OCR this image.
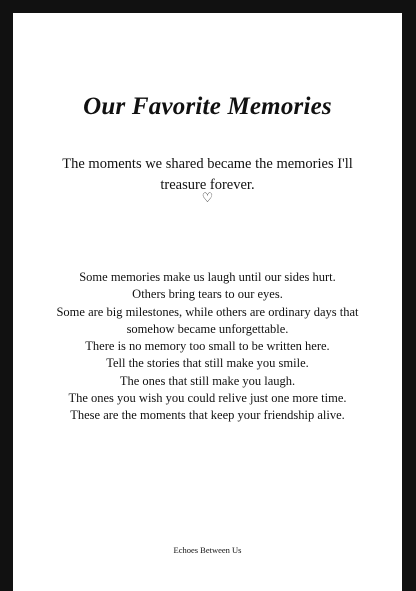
Our Favorite Memories

The moments we shared became the memories I'll treasure forever.

♡
Some memories make us laugh until our sides hurt.
Others bring tears to our eyes.
Some are big milestones, while others are ordinary days that
somehow became unforgettable.
There is no memory too small to be written here.
Tell the stories that still make you smile.
The ones that still make you laugh.
The ones you wish you could relive just one more time.
These are the moments that keep your friendship alive.
Echoes Between Us
